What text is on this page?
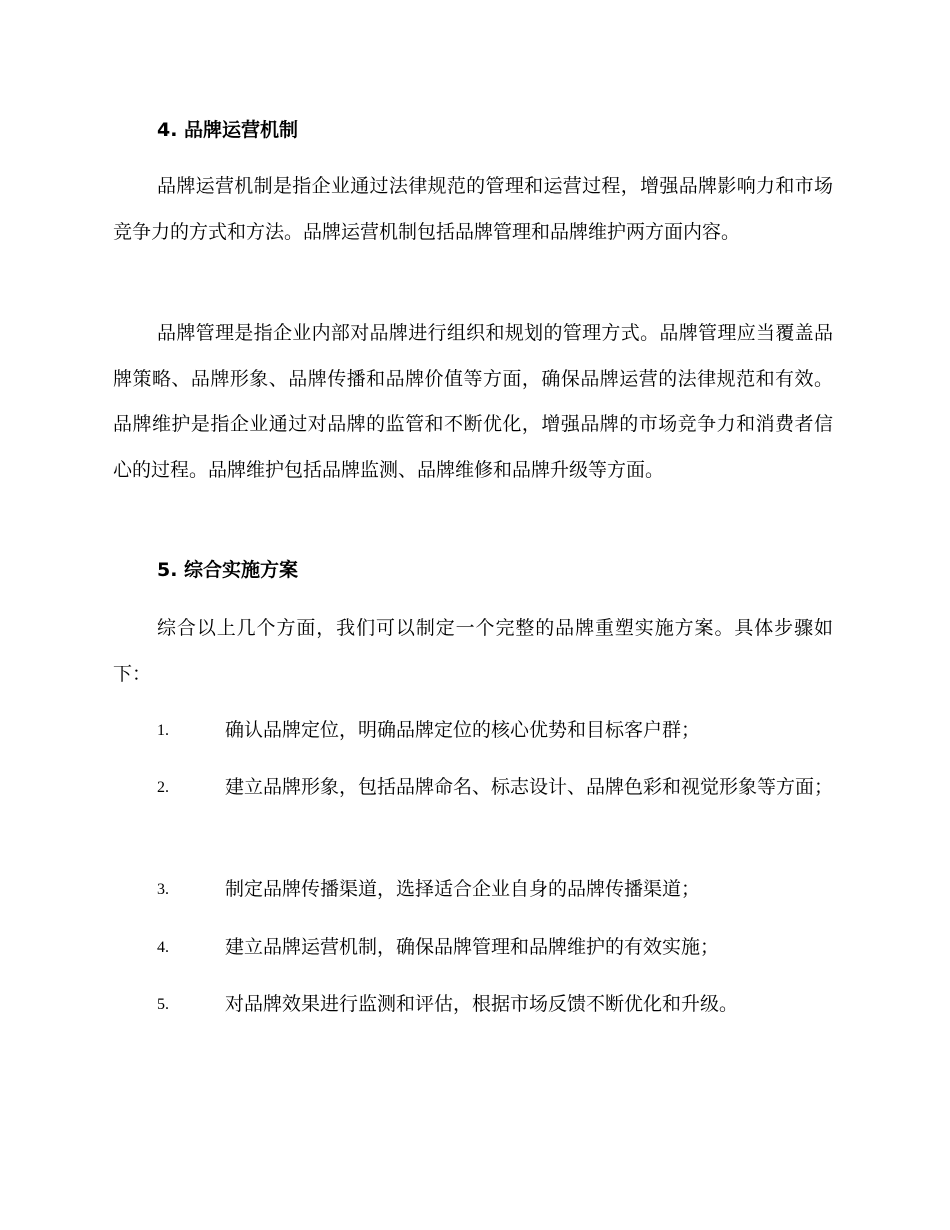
4. 品牌运营机制

品牌运营机制是指企业通过法律规范的管理和运营过程，增强品牌影响力和市场竞争力的方式和方法。品牌运营机制包括品牌管理和品牌维护两方面内容。

品牌管理是指企业内部对品牌进行组织和规划的管理方式。品牌管理应当覆盖品牌策略、品牌形象、品牌传播和品牌价值等方面，确保品牌运营的法律规范和有效。品牌维护是指企业通过对品牌的监管和不断优化，增强品牌的市场竞争力和消费者信心的过程。品牌维护包括品牌监测、品牌维修和品牌升级等方面。

5. 综合实施方案

综合以上几个方面，我们可以制定一个完整的品牌重塑实施方案。具体步骤如下：

1.	确认品牌定位，明确品牌定位的核心优势和目标客户群；
2.	建立品牌形象，包括品牌命名、标志设计、品牌色彩和视觉形象等方面；
3.	制定品牌传播渠道，选择适合企业自身的品牌传播渠道；
4.	建立品牌运营机制，确保品牌管理和品牌维护的有效实施；
5.	对品牌效果进行监测和评估，根据市场反馈不断优化和升级。
